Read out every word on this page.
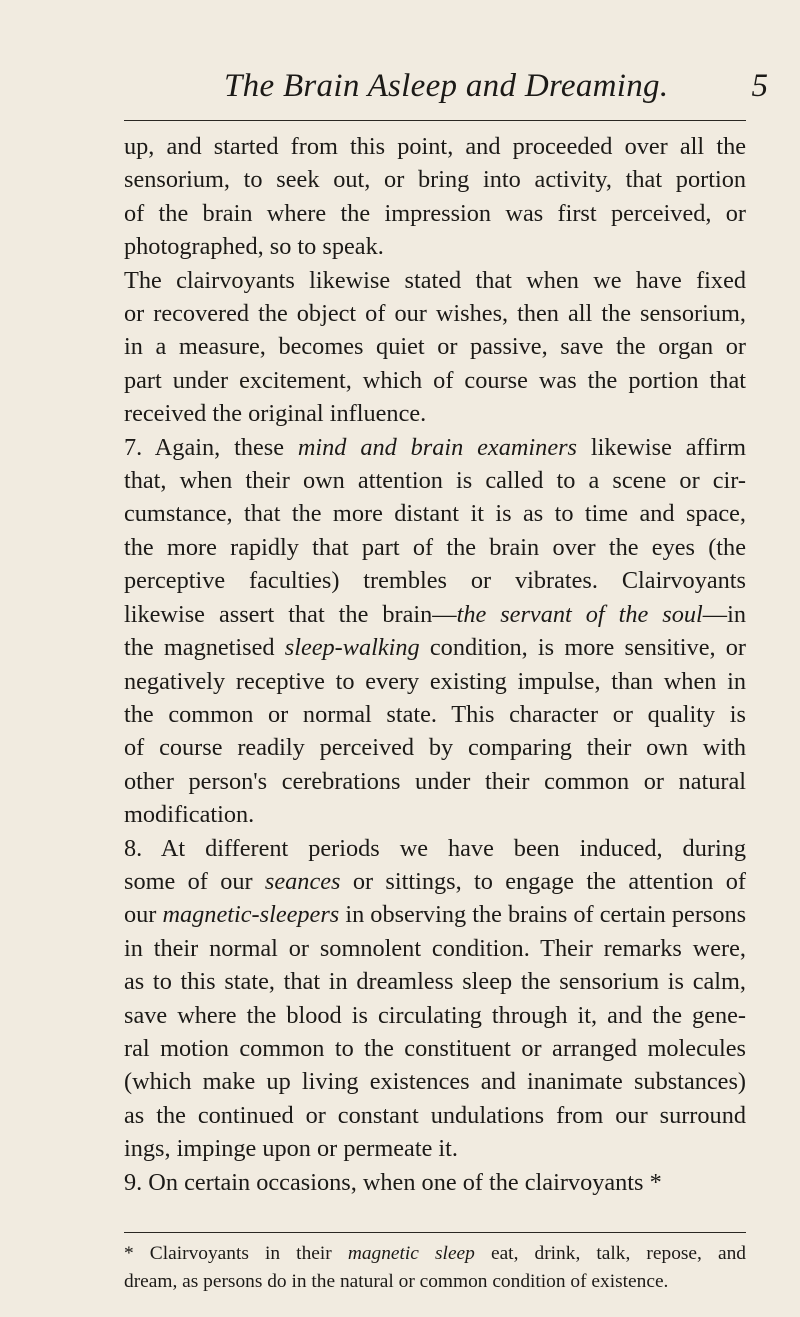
The Brain Asleep and Dreaming.	5
up, and started from this point, and proceeded over all the
sensorium, to seek out, or bring into activity, that portion
of the brain where the impression was first perceived, or
photographed, so to speak.
The clairvoyants likewise stated that when we have fixed
or recovered the object of our wishes, then all the sensorium,
in a measure, becomes quiet or passive, save the organ or
part under excitement, which of course was the portion that
received the original influence.
7. Again, these mind and brain examiners likewise affirm
that, when their own attention is called to a scene or cir-
cumstance, that the more distant it is as to time and space,
the more rapidly that part of the brain over the eyes (the
perceptive faculties) trembles or vibrates. Clairvoyants
likewise assert that the brain—the servant of the soul—in
the magnetised sleep-walking condition, is more sensitive, or
negatively receptive to every existing impulse, than when in
the common or normal state. This character or quality is
of course readily perceived by comparing their own with
other person's cerebrations under their common or natural
modification.
8. At different periods we have been induced, during
some of our seances or sittings, to engage the attention of
our magnetic-sleepers in observing the brains of certain persons
in their normal or somnolent condition. Their remarks were,
as to this state, that in dreamless sleep the sensorium is calm,
save where the blood is circulating through it, and the gene-
ral motion common to the constituent or arranged molecules
(which make up living existences and inanimate substances)
as the continued or constant undulations from our surround
ings, impinge upon or permeate it.
9. On certain occasions, when one of the clairvoyants *
* Clairvoyants in their magnetic sleep eat, drink, talk, repose, and
dream, as persons do in the natural or common condition of existence.
